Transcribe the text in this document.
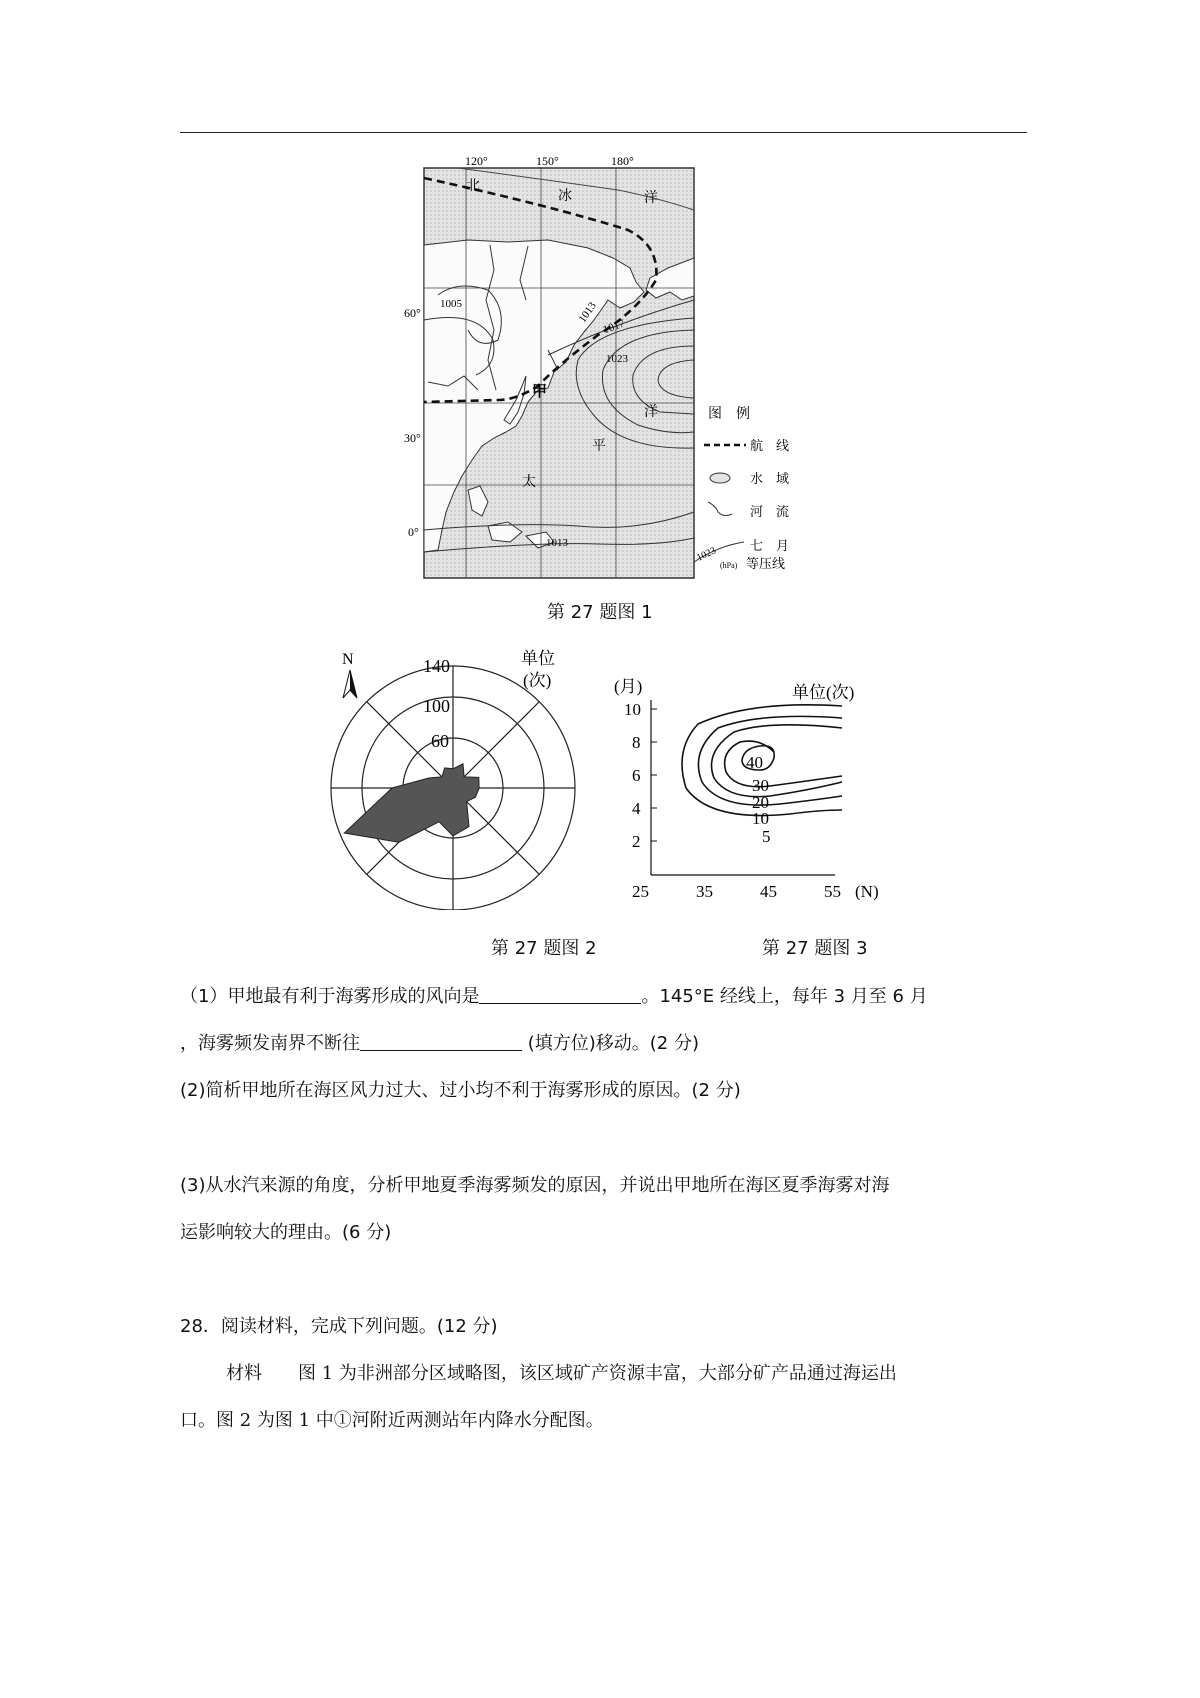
120°	150°	180°
60°
30°
0°
1005	1013
1017
1023
1013
北
冰	洋
洋
平
太
甲
图　例
航　线
水　域
河　流
1023
(hPa)
七　月
等压线
第 27 题图 1
N	单位
(次)
140
100
60
第 27 题图 2
(月)	单位(次)
10
8
6
4
2
25	35	45	55 (N)
40
30
20
10
5
第 27 题图 3
（1）甲地最有利于海雾形成的风向是	。145°E 经线上，每年 3 月至 6 月
，海雾频发南界不断往	(填方位)移动。(2 分)
(2)简析甲地所在海区风力过大、过小均不利于海雾形成的原因。(2 分)
(3)从水汽来源的角度，分析甲地夏季海雾频发的原因，并说出甲地所在海区夏季海雾对海
运影响较大的理由。(6 分)
28．阅读材料，完成下列问题。(12 分)
材料　　图 1 为非洲部分区域略图，该区域矿产资源丰富，大部分矿产品通过海运出
口。图 2 为图 1 中①河附近两测站年内降水分配图。
